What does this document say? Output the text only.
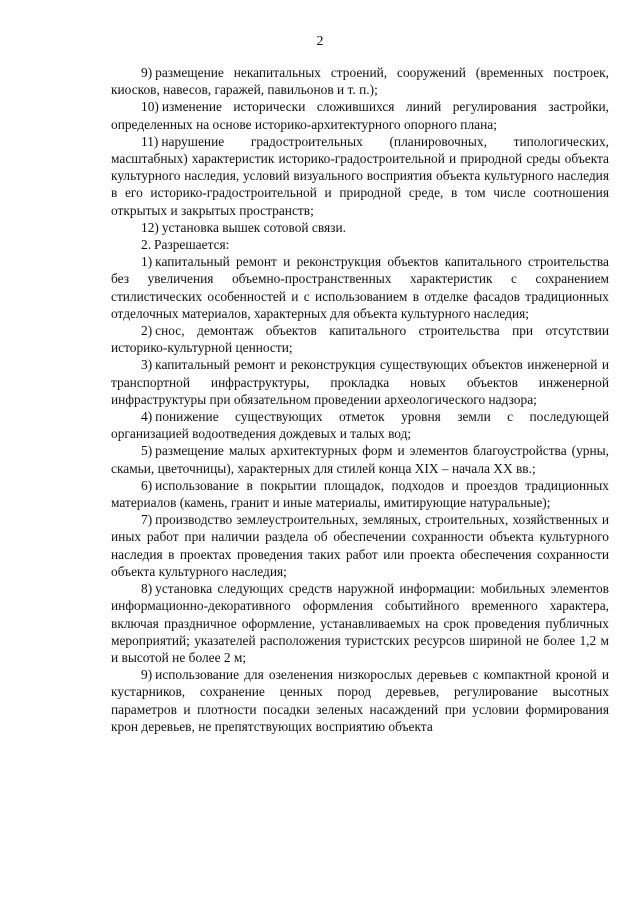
2

9) размещение некапитальных строений, сооружений (временных построек, киосков, навесов, гаражей, павильонов и т. п.);

10) изменение исторически сложившихся линий регулирования застройки, определенных на основе историко-архитектурного опорного плана;

11) нарушение градостроительных (планировочных, типологических, масштабных) характеристик историко-градостроительной и природной среды объекта культурного наследия, условий визуального восприятия объекта культурного наследия в его историко-градостроительной и природной среде, в том числе соотношения открытых и закрытых пространств;

12) установка вышек сотовой связи.

2. Разрешается:

1) капитальный ремонт и реконструкция объектов капитального строительства без увеличения объемно-пространственных характеристик с сохранением стилистических особенностей и с использованием в отделке фасадов традиционных отделочных материалов, характерных для объекта культурного наследия;

2) снос, демонтаж объектов капитального строительства при отсутствии историко-культурной ценности;

3) капитальный ремонт и реконструкция существующих объектов инженерной и транспортной инфраструктуры, прокладка новых объектов инженерной инфраструктуры при обязательном проведении археологического надзора;

4) понижение существующих отметок уровня земли с последующей организацией водоотведения дождевых и талых вод;

5) размещение малых архитектурных форм и элементов благоустройства (урны, скамьи, цветочницы), характерных для стилей конца XIX – начала XX вв.;

6) использование в покрытии площадок, подходов и проездов традиционных материалов (камень, гранит и иные материалы, имитирующие натуральные);

7) производство землеустроительных, земляных, строительных, хозяйственных и иных работ при наличии раздела об обеспечении сохранности объекта культурного наследия в проектах проведения таких работ или проекта обеспечения сохранности объекта культурного наследия;

8) установка следующих средств наружной информации: мобильных элементов информационно-декоративного оформления событийного временного характера, включая праздничное оформление, устанавливаемых на срок проведения публичных мероприятий; указателей расположения туристских ресурсов шириной не более 1,2 м и высотой не более 2 м;

9) использование для озеленения низкорослых деревьев с компактной кроной и кустарников, сохранение ценных пород деревьев, регулирование высотных параметров и плотности посадки зеленых насаждений при условии формирования крон деревьев, не препятствующих восприятию объекта
